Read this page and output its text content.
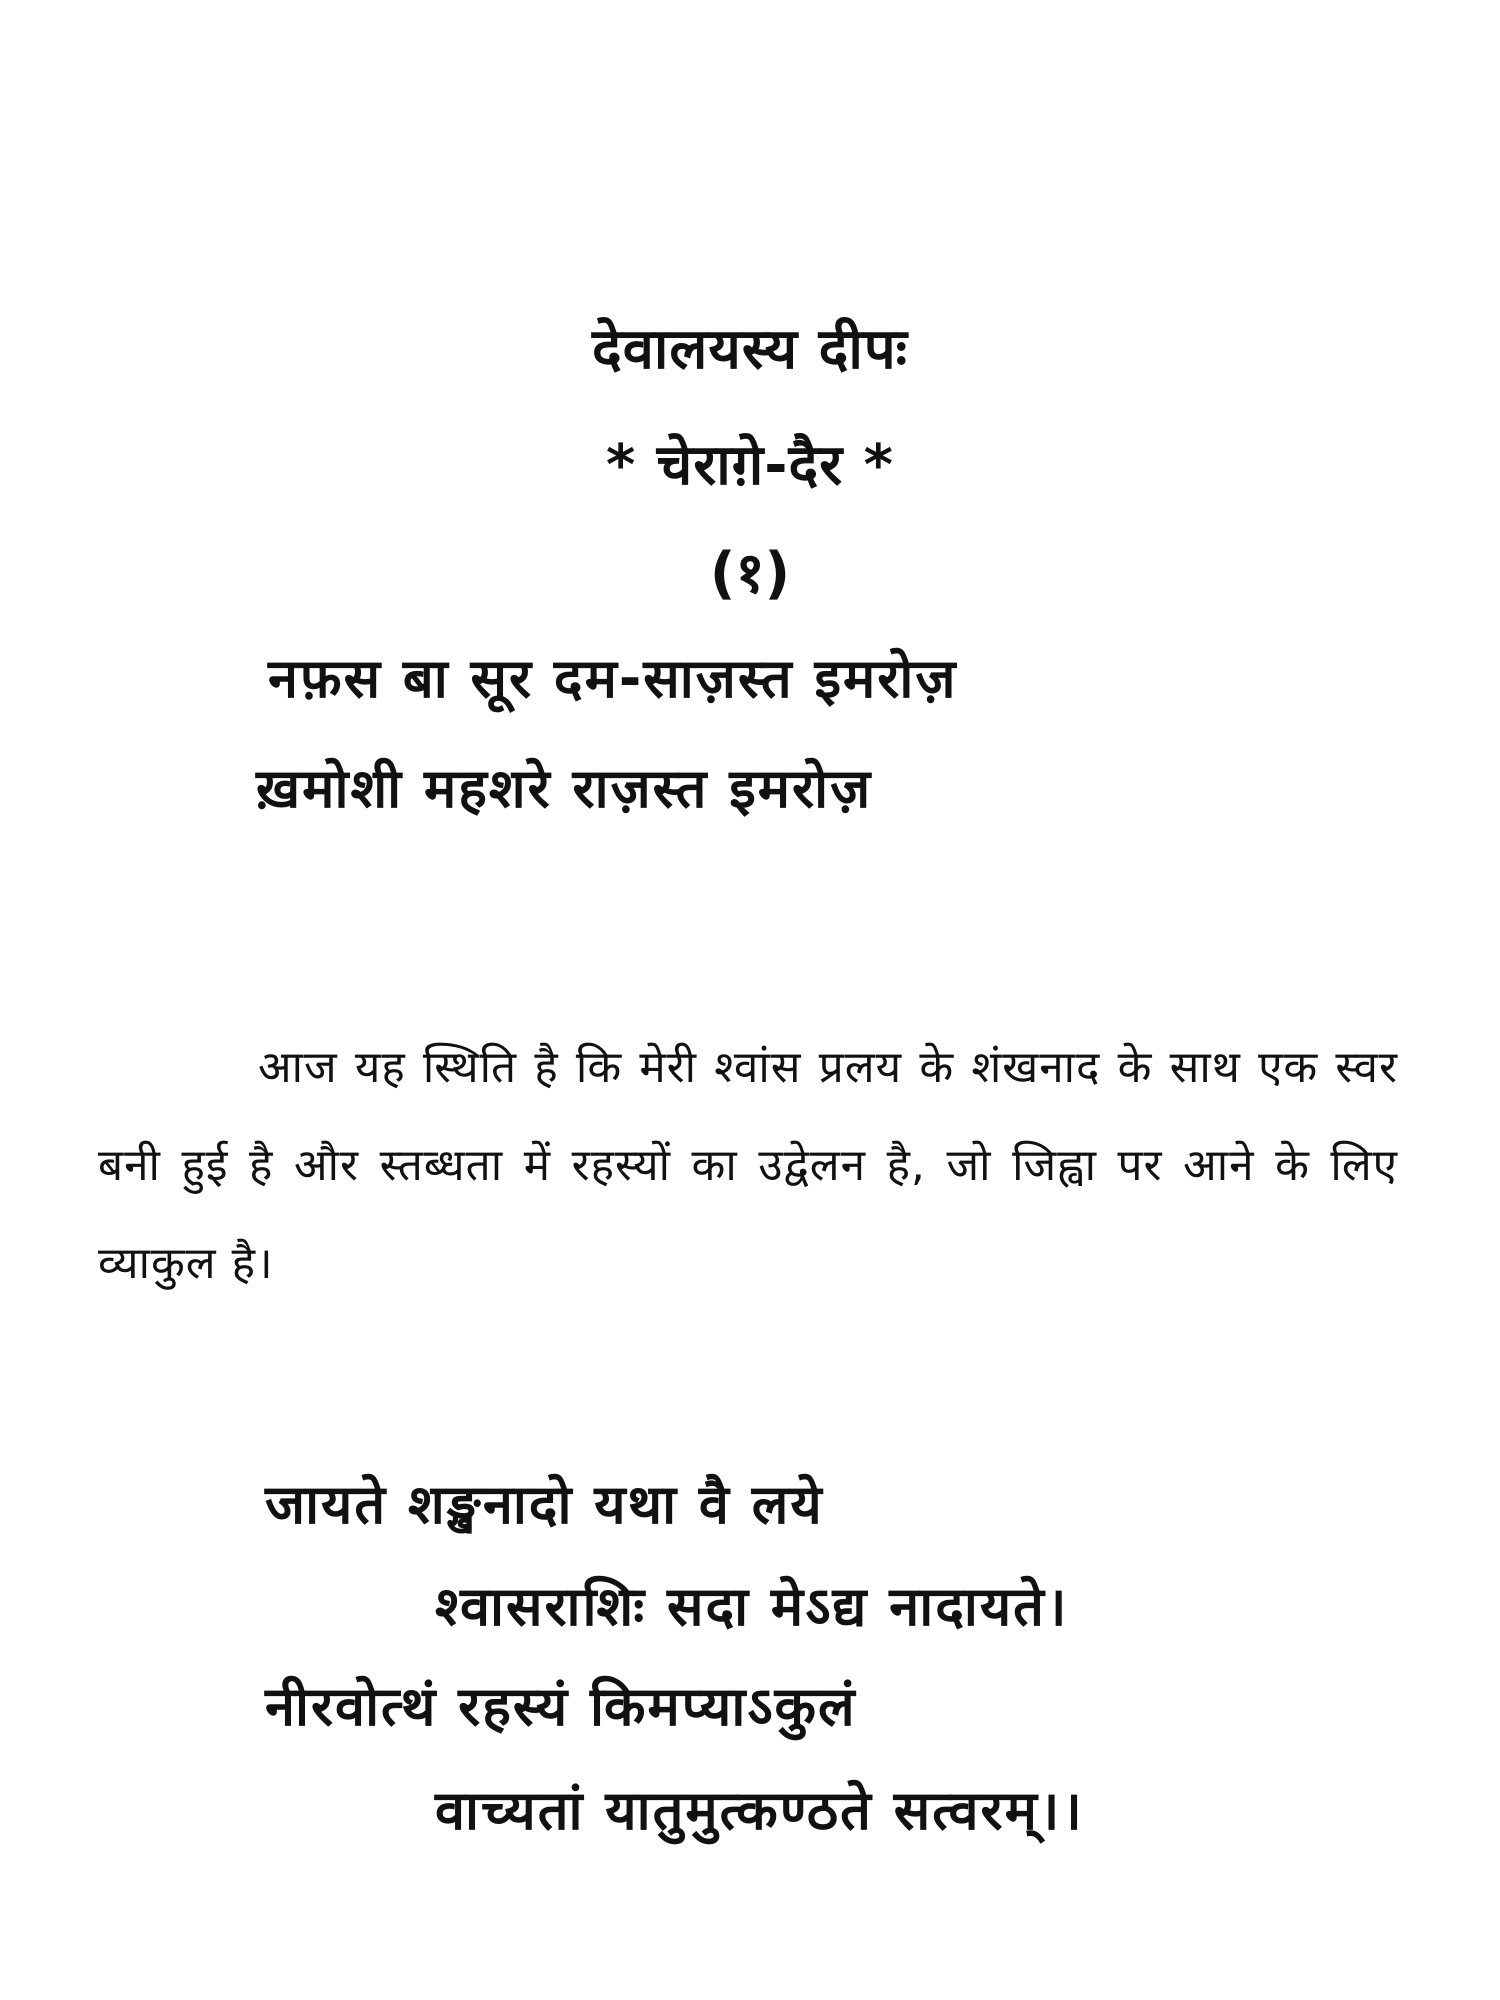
देवालयस्य दीपः
* चेराग़े-दैर *
(१)
नफ़स बा सूर दम-साज़स्त इमरोज़
ख़मोशी महशरे राज़स्त इमरोज़

आज यह स्थिति है कि मेरी श्वांस प्रलय के शंखनाद के साथ एक स्वर बनी हुई है और स्तब्धता में रहस्यों का उद्वेलन है, जो जिह्वा पर आने के लिए व्याकुल है।

जायते शङ्खनादो यथा वै लये
श्वासराशिः सदा मेऽद्य नादायते।
नीरवोत्थं रहस्यं किमप्याऽकुलं
वाच्यतां यातुमुत्कण्ठते सत्वरम्।।
